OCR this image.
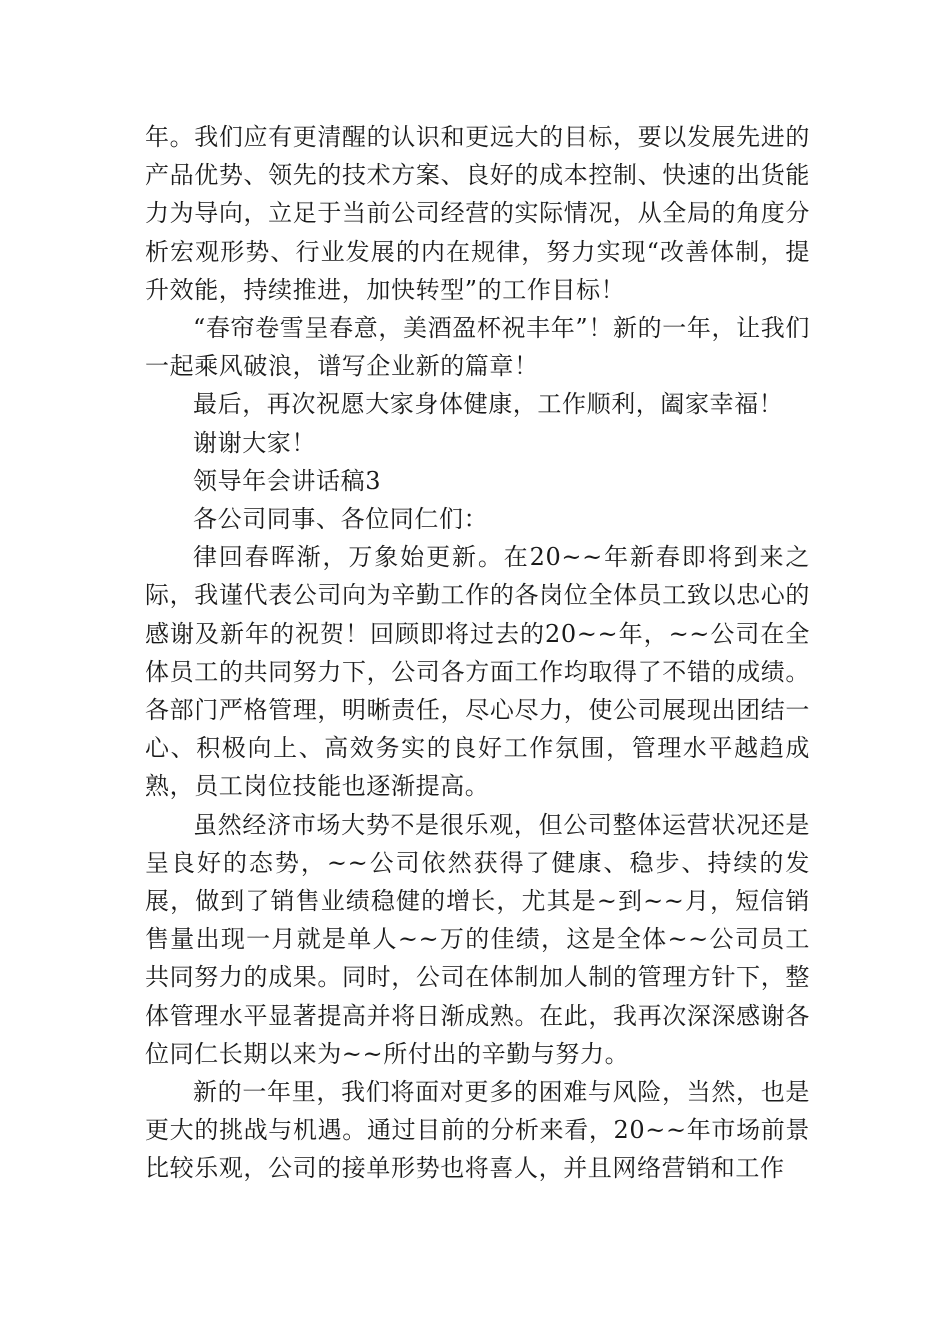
年。我们应有更清醒的认识和更远大的目标，要以发展先进的产品优势、领先的技术方案、良好的成本控制、快速的出货能力为导向，立足于当前公司经营的实际情况，从全局的角度分析宏观形势、行业发展的内在规律，努力实现“改善体制，提升效能，持续推进，加快转型”的工作目标！

“春帘卷雪呈春意，美酒盈杯祝丰年”！新的一年，让我们一起乘风破浪，谱写企业新的篇章！

最后，再次祝愿大家身体健康，工作顺利，阖家幸福！

谢谢大家！

领导年会讲话稿3

各公司同事、各位同仁们：

律回春晖渐，万象始更新。在20~~年新春即将到来之际，我谨代表公司向为辛勤工作的各岗位全体员工致以忠心的感谢及新年的祝贺！回顾即将过去的20~~年，~~公司在全体员工的共同努力下，公司各方面工作均取得了不错的成绩。各部门严格管理，明晰责任，尽心尽力，使公司展现出团结一心、积极向上、高效务实的良好工作氛围，管理水平越趋成熟，员工岗位技能也逐渐提高。

虽然经济市场大势不是很乐观，但公司整体运营状况还是呈良好的态势，~~公司依然获得了健康、稳步、持续的发展，做到了销售业绩稳健的增长，尤其是~到~~月，短信销售量出现一月就是单人~~万的佳绩，这是全体~~公司员工共同努力的成果。同时，公司在体制加人制的管理方针下，整体管理水平显著提高并将日渐成熟。在此，我再次深深感谢各位同仁长期以来为~~所付出的辛勤与努力。

新的一年里，我们将面对更多的困难与风险，当然，也是更大的挑战与机遇。通过目前的分析来看，20~~年市场前景比较乐观，公司的接单形势也将喜人，并且网络营销和工作
